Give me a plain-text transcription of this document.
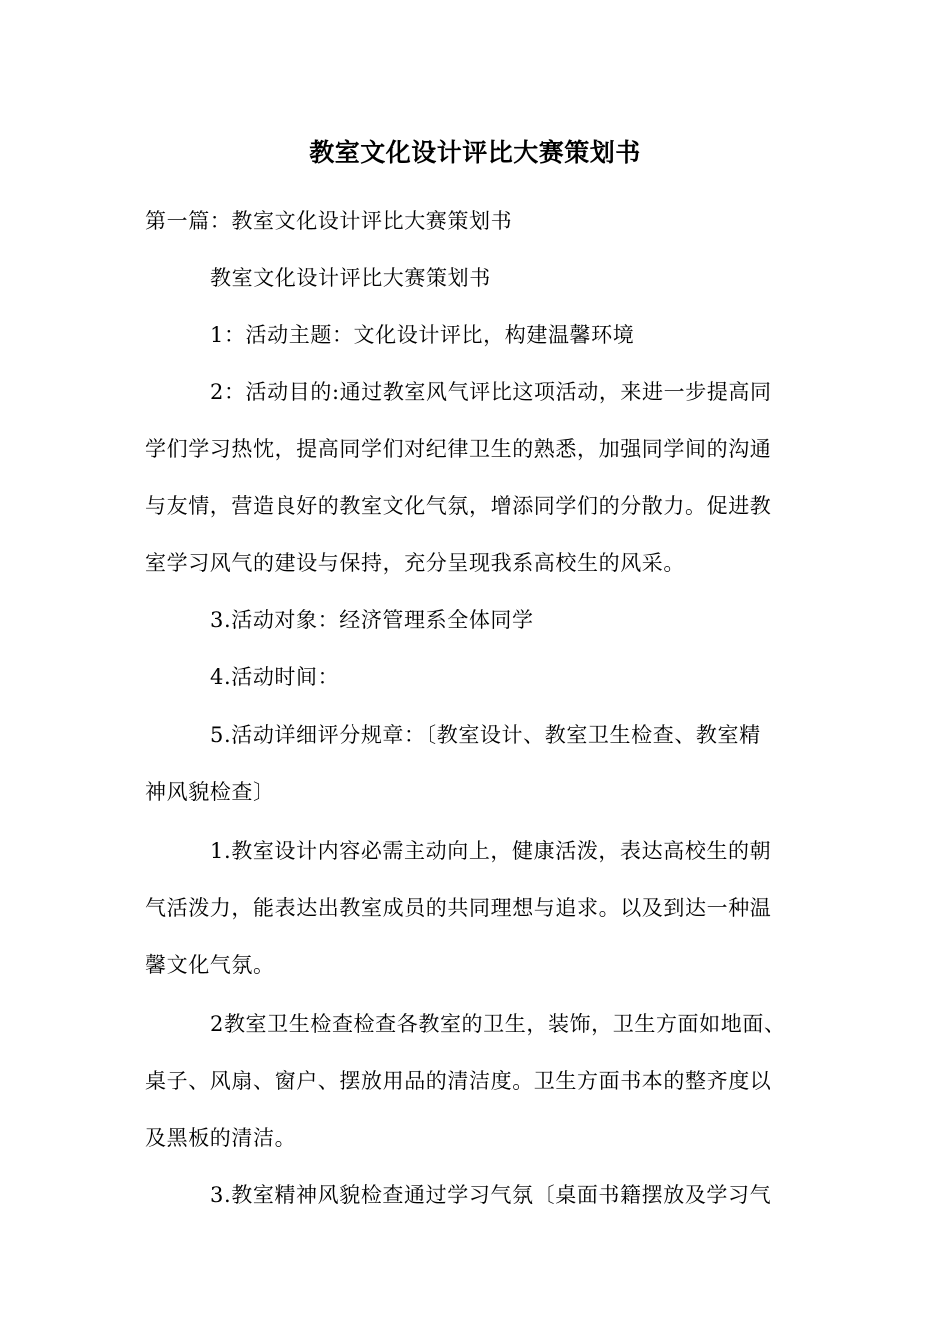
教室文化设计评比大赛策划书
第一篇：教室文化设计评比大赛策划书
教室文化设计评比大赛策划书
1：活动主题：文化设计评比，构建温馨环境
2：活动目的:通过教室风气评比这项活动，来进一步提高同
学们学习热忱，提高同学们对纪律卫生的熟悉，加强同学间的沟通
与友情，营造良好的教室文化气氛，增添同学们的分散力。促进教
室学习风气的建设与保持，充分呈现我系高校生的风采。
3.活动对象：经济管理系全体同学
4.活动时间：
5.活动详细评分规章：〔教室设计、教室卫生检查、教室精
神风貌检查〕
1.教室设计内容必需主动向上，健康活泼，表达高校生的朝
气活泼力，能表达出教室成员的共同理想与追求。以及到达一种温
馨文化气氛。
2教室卫生检查检查各教室的卫生，装饰，卫生方面如地面、
桌子、风扇、窗户、摆放用品的清洁度。卫生方面书本的整齐度以
及黑板的清洁。
3.教室精神风貌检查通过学习气氛〔桌面书籍摆放及学习气
